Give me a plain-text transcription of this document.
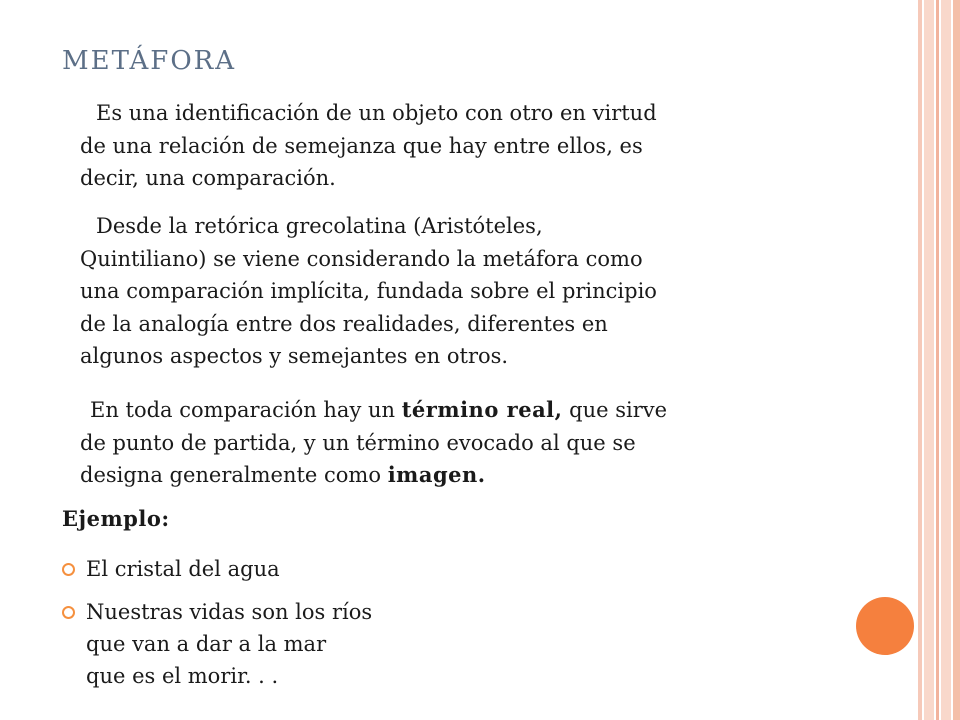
METÁFORA

Es una identificación de un objeto con otro en virtud
de una relación de semejanza que hay entre ellos, es
decir, una comparación.

Desde la retórica grecolatina (Aristóteles,
Quintiliano) se viene considerando la metáfora como
una comparación implícita, fundada sobre el principio
de la analogía entre dos realidades, diferentes en
algunos aspectos y semejantes en otros.

En toda comparación hay un término real, que sirve
de punto de partida, y un término evocado al que se
designa generalmente como imagen.

Ejemplo:

El cristal del agua
Nuestras vidas son los ríos
que van a dar a la mar
que es el morir. . .
